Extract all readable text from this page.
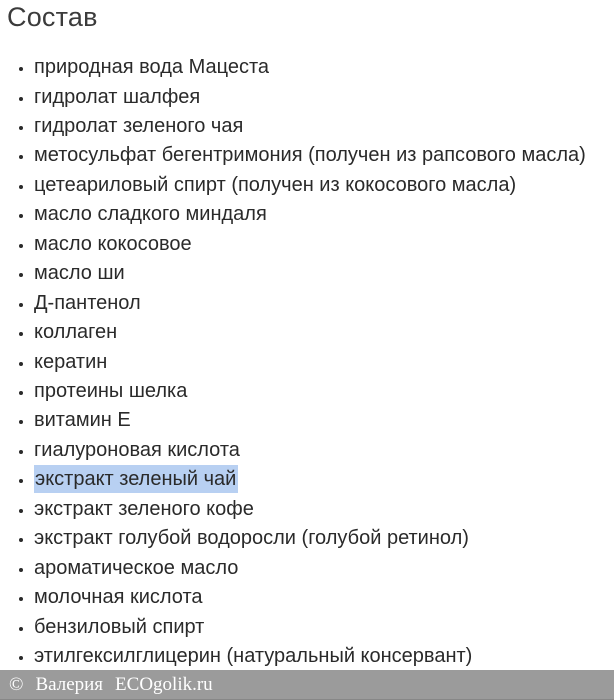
Состав
• природная вода Мацеста
• гидролат шалфея
• гидролат зеленого чая
• метосульфат бегентримония (получен из рапсового масла)
• цетеариловый спирт (получен из кокосового масла)
• масло сладкого миндаля
• масло кокосовое
• масло ши
• Д-пантенол
• коллаген
• кератин
• протеины шелка
• витамин Е
• гиалуроновая кислота
• экстракт зеленый чай
• экстракт зеленого кофе
• экстракт голубой водоросли (голубой ретинол)
• ароматическое масло
• молочная кислота
• бензиловый спирт
• этилгексилглицерин (натуральный консервант)
© Валерия ECOgolik.ru
